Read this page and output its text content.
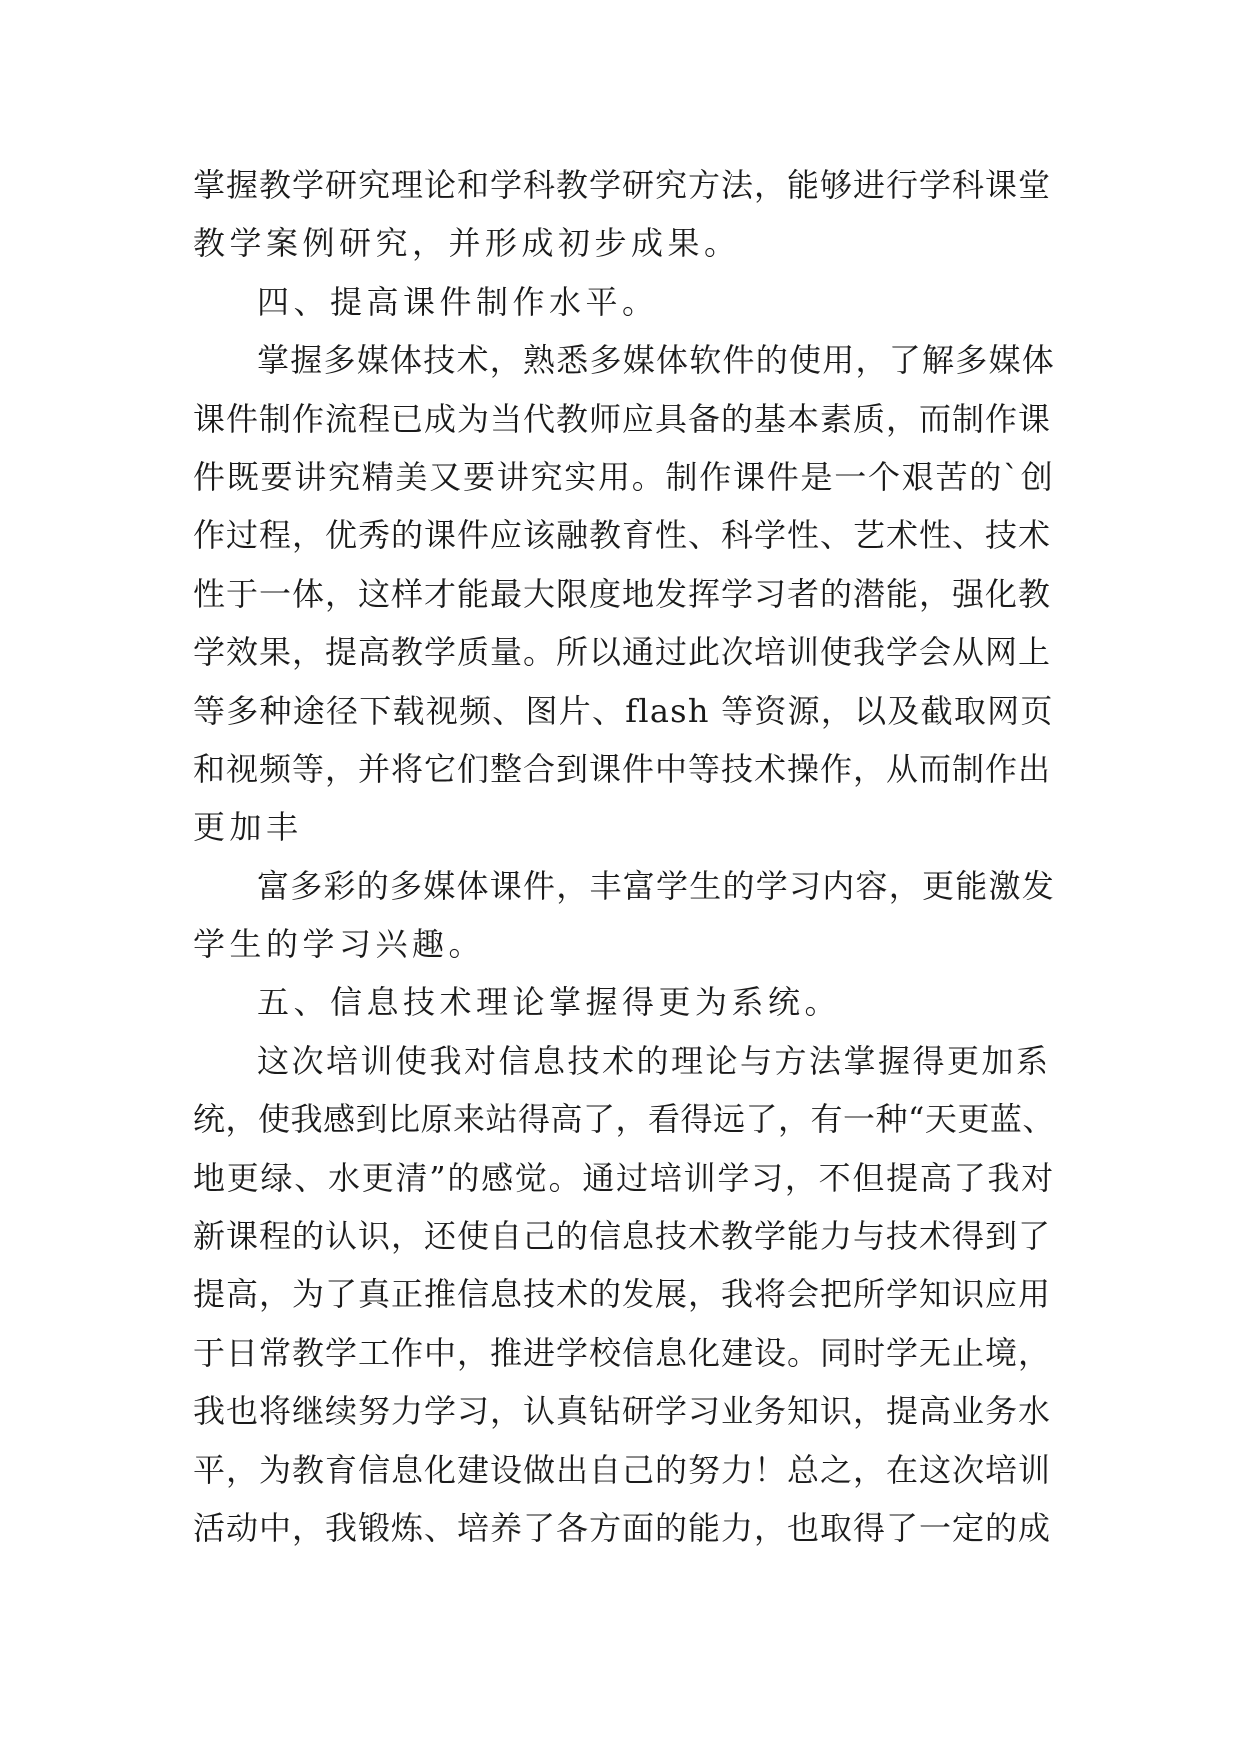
掌握教学研究理论和学科教学研究方法，能够进行学科课堂
教学案例研究，并形成初步成果。
四、提高课件制作水平。
掌握多媒体技术，熟悉多媒体软件的使用，了解多媒体
课件制作流程已成为当代教师应具备的基本素质，而制作课
件既要讲究精美又要讲究实用。制作课件是一个艰苦的`创
作过程，优秀的课件应该融教育性、科学性、艺术性、技术
性于一体，这样才能最大限度地发挥学习者的潜能，强化教
学效果，提高教学质量。所以通过此次培训使我学会从网上
等多种途径下载视频、图片、flash 等资源，以及截取网页
和视频等，并将它们整合到课件中等技术操作，从而制作出
更加丰
富多彩的多媒体课件，丰富学生的学习内容，更能激发
学生的学习兴趣。
五、信息技术理论掌握得更为系统。
这次培训使我对信息技术的理论与方法掌握得更加系
统，使我感到比原来站得高了，看得远了，有一种“天更蓝、
地更绿、水更清”的感觉。通过培训学习，不但提高了我对
新课程的认识，还使自己的信息技术教学能力与技术得到了
提高，为了真正推信息技术的发展，我将会把所学知识应用
于日常教学工作中，推进学校信息化建设。同时学无止境，
我也将继续努力学习，认真钻研学习业务知识，提高业务水
平，为教育信息化建设做出自己的努力！总之，在这次培训
活动中，我锻炼、培养了各方面的能力，也取得了一定的成
